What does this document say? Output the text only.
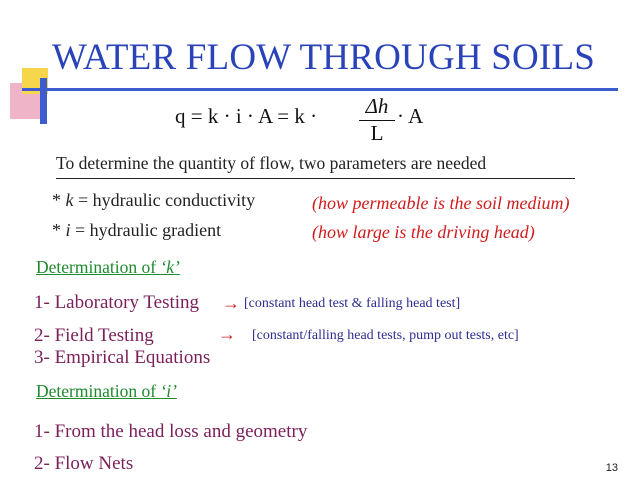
WATER FLOW THROUGH SOILS
q = k · i · A = k · Δh
L
· A
To determine the quantity of flow, two parameters are needed
* k = hydraulic conductivity	(how permeable is the soil medium)
* i = hydraulic gradient	(how large is the driving head)
Determination of ‘k’
1- Laboratory Testing → [constant head test & falling head test]
2- Field Testing	→ [constant/falling head tests, pump out tests, etc]
3- Empirical Equations
Determination of ‘i’
1- From the head loss and geometry
2- Flow Nets	13
